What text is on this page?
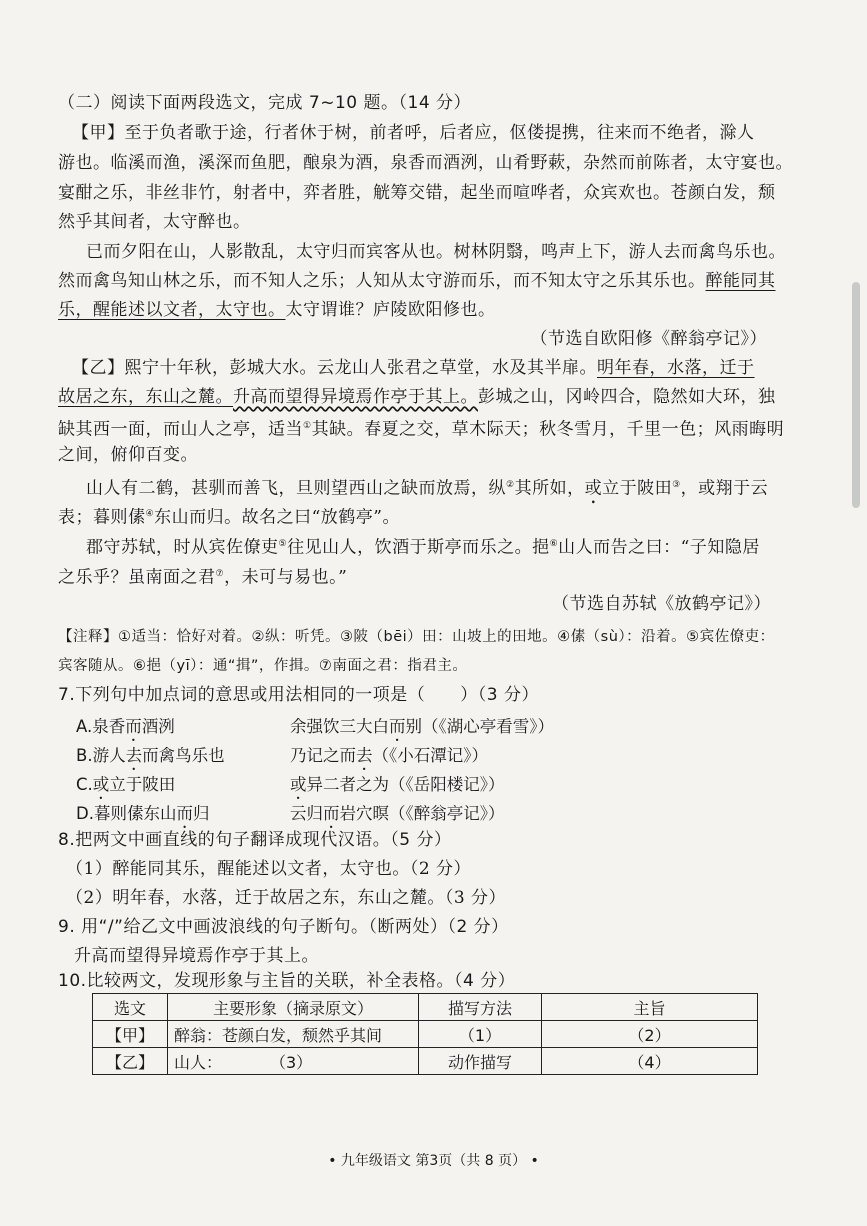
（二）阅读下面两段选文，完成 7~10 题。（14 分）
【甲】至于负者歌于途，行者休于树，前者呼，后者应，伛偻提携，往来而不绝者，滁人
游也。临溪而渔，溪深而鱼肥，酿泉为酒，泉香而酒洌，山肴野蔌，杂然而前陈者，太守宴也。
宴酣之乐，非丝非竹，射者中，弈者胜，觥筹交错，起坐而喧哗者，众宾欢也。苍颜白发，颓
然乎其间者，太守醉也。
已而夕阳在山，人影散乱，太守归而宾客从也。树林阴翳，鸣声上下，游人去而禽鸟乐也。
然而禽鸟知山林之乐，而不知人之乐；人知从太守游而乐，而不知太守之乐其乐也。醉能同其
乐，醒能述以文者，太守也。太守谓谁？庐陵欧阳修也。
（节选自欧阳修《醉翁亭记》）
【乙】熙宁十年秋，彭城大水。云龙山人张君之草堂，水及其半扉。明年春，水落，迁于
故居之东，东山之麓。升高而望得异境焉作亭于其上。彭城之山，冈岭四合，隐然如大环，独
缺其西一面，而山人之亭，适当①其缺。春夏之交，草木际天；秋冬雪月，千里一色；风雨晦明
之间，俯仰百变。
山人有二鹤，甚驯而善飞，旦则望西山之缺而放焉，纵②其所如，或立于陂田③，或翔于云
表；暮则傃④东山而归。故名之曰“放鹤亭”。
郡守苏轼，时从宾佐僚吏⑤往见山人，饮酒于斯亭而乐之。挹⑥山人而告之曰：“子知隐居
之乐乎？虽南面之君⑦，未可与易也。”
（节选自苏轼《放鹤亭记》）
【注释】①适当：恰好对着。②纵：听凭。③陂（bēi）田：山坡上的田地。④傃（sù）：沿着。⑤宾佐僚吏：
宾客随从。⑥挹（yī）：通“揖”，作揖。⑦南面之君：指君主。
7.下列句中加点词的意思或用法相同的一项是（　　）（3 分）
A.泉香而酒洌	余强饮三大白而别（《湖心亭看雪》）
B.游人去而禽鸟乐也	乃记之而去（《小石潭记》）
C.或立于陂田	或异二者之为（《岳阳楼记》）
D.暮则傃东山而归	云归而岩穴暝（《醉翁亭记》）
8.把两文中画直线的句子翻译成现代汉语。（5 分）
（1）醉能同其乐，醒能述以文者，太守也。（2 分）
（2）明年春，水落，迁于故居之东，东山之麓。（3 分）
9. 用“/”给乙文中画波浪线的句子断句。（断两处）（2 分）
升高而望得异境焉作亭于其上。
10.比较两文，发现形象与主旨的关联，补全表格。（4 分）
选文	主要形象（摘录原文）	描写方法	主旨
【甲】	醉翁：苍颜白发，颓然乎其间	（1）	（2）
【乙】	山人：　　　　（3）	动作描写	（4）
• 九年级语文 第3页（共 8 页） •
